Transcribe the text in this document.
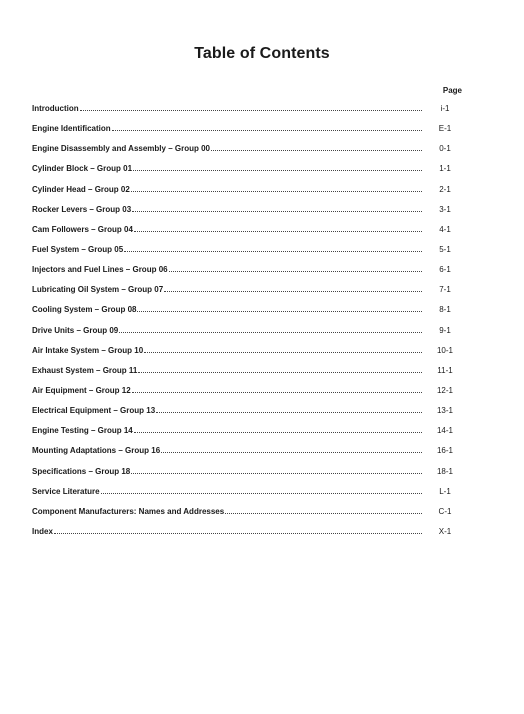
Table of Contents
Page
Introduction	i-1
Engine Identification	E-1
Engine Disassembly and Assembly – Group 00	0-1
Cylinder Block – Group 01	1-1
Cylinder Head – Group 02	2-1
Rocker Levers – Group 03	3-1
Cam Followers – Group 04	4-1
Fuel System – Group 05	5-1
Injectors and Fuel Lines – Group 06	6-1
Lubricating Oil System – Group 07	7-1
Cooling System – Group 08	8-1
Drive Units – Group 09	9-1
Air Intake System – Group 10	10-1
Exhaust System – Group 11	11-1
Air Equipment – Group 12	12-1
Electrical Equipment – Group 13	13-1
Engine Testing – Group 14	14-1
Mounting Adaptations – Group 16	16-1
Specifications – Group 18	18-1
Service Literature	L-1
Component Manufacturers: Names and Addresses	C-1
Index	X-1
